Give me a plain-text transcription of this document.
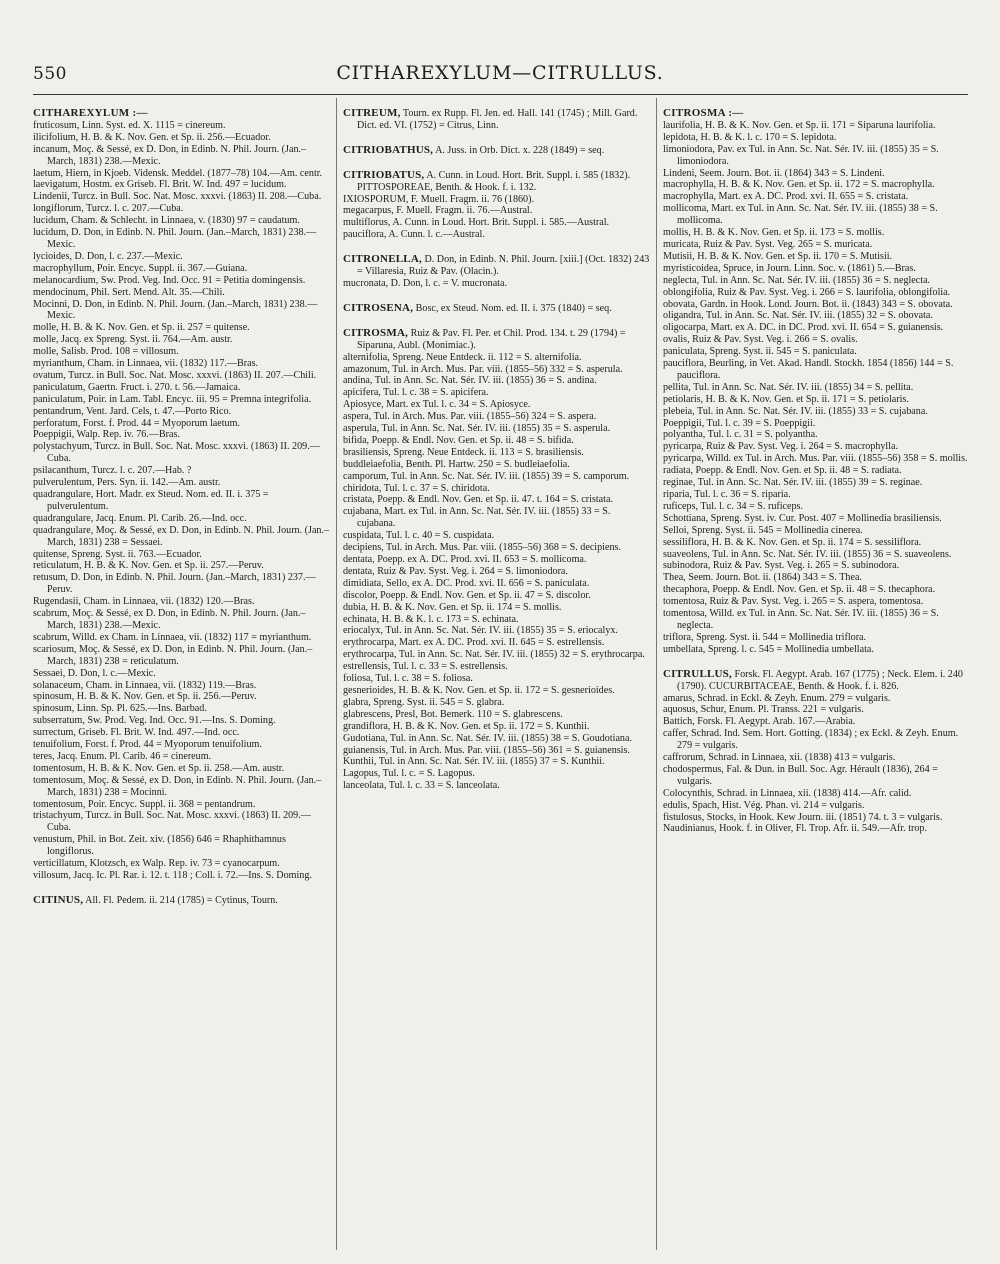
550	CITHAREXYLUM—CITRULLUS.

CITHAREXYLUM :—

fruticosum, Linn. Syst. ed. X. 1115 = cinereum.

ilicifolium, H. B. & K. Nov. Gen. et Sp. ii. 256.—Ecuador.

incanum, Moç. & Sessé, ex D. Don, in Edinb. N. Phil. Journ. (Jan.–March, 1831) 238.—Mexic.

laetum, Hiern, in Kjoeb. Vidensk. Meddel. (1877–78) 104.—Am. centr.

laevigatum, Hostm. ex Griseb. Fl. Brit. W. Ind. 497 = lucidum.

Lindenii, Turcz. in Bull. Soc. Nat. Mosc. xxxvi. (1863) II. 208.—Cuba.

longiflorum, Turcz. l. c. 207.—Cuba.

lucidum, Cham. & Schlecht. in Linnaea, v. (1830) 97 = caudatum.

lucidum, D. Don, in Edinb. N. Phil. Journ. (Jan.–March, 1831) 238.—Mexic.

lycioides, D. Don, l. c. 237.—Mexic.

macrophyllum, Poir. Encyc. Suppl. ii. 367.—Guiana.

melanocardium, Sw. Prod. Veg. Ind. Occ. 91 = Petitia domingensis.

mendocinum, Phil. Sert. Mend. Alt. 35.—Chili.

Mocinni, D. Don, in Edinb. N. Phil. Journ. (Jan.–March, 1831) 238.—Mexic.

molle, H. B. & K. Nov. Gen. et Sp. ii. 257 = quitense.

molle, Jacq. ex Spreng. Syst. ii. 764.—Am. austr.

molle, Salisb. Prod. 108 = villosum.

myrianthum, Cham. in Linnaea, vii. (1832) 117.—Bras.

ovatum, Turcz. in Bull. Soc. Nat. Mosc. xxxvi. (1863) II. 207.—Chili.

paniculatum, Gaertn. Fruct. i. 270. t. 56.—Jamaica.

paniculatum, Poir. in Lam. Tabl. Encyc. iii. 95 = Premna integrifolia.

pentandrum, Vent. Jard. Cels, t. 47.—Porto Rico.

perforatum, Forst. f. Prod. 44 = Myoporum laetum.

Poeppigii, Walp. Rep. iv. 76.—Bras.

polystachyum, Turcz. in Bull. Soc. Nat. Mosc. xxxvi. (1863) II. 209.—Cuba.

psilacanthum, Turcz. l. c. 207.—Hab. ?

pulverulentum, Pers. Syn. ii. 142.—Am. austr.

quadrangulare, Hort. Madr. ex Steud. Nom. ed. II. i. 375 = pulverulentum.

quadrangulare, Jacq. Enum. Pl. Carib. 26.—Ind. occ.

quadrangulare, Moç. & Sessé, ex D. Don, in Edinb. N. Phil. Journ. (Jan.–March, 1831) 238 = Sessaei.

quitense, Spreng. Syst. ii. 763.—Ecuador.

reticulatum, H. B. & K. Nov. Gen. et Sp. ii. 257.—Peruv.

retusum, D. Don, in Edinb. N. Phil. Journ. (Jan.–March, 1831) 237.—Peruv.

Rugendasii, Cham. in Linnaea, vii. (1832) 120.—Bras.

scabrum, Moç. & Sessé, ex D. Don, in Edinb. N. Phil. Journ. (Jan.–March, 1831) 238.—Mexic.

scabrum, Willd. ex Cham. in Linnaea, vii. (1832) 117 = myrianthum.

scariosum, Moç. & Sessé, ex D. Don, in Edinb. N. Phil. Journ. (Jan.–March, 1831) 238 = reticulatum.

Sessaei, D. Don, l. c.—Mexic.

solanaceum, Cham. in Linnaea, vii. (1832) 119.—Bras.

spinosum, H. B. & K. Nov. Gen. et Sp. ii. 256.—Peruv.

spinosum, Linn. Sp. Pl. 625.—Ins. Barbad.

subserratum, Sw. Prod. Veg. Ind. Occ. 91.—Ins. S. Doming.

surrectum, Griseb. Fl. Brit. W. Ind. 497.—Ind. occ.

tenuifolium, Forst. f. Prod. 44 = Myoporum tenuifolium.

teres, Jacq. Enum. Pl. Carib. 46 = cinereum.

tomentosum, H. B. & K. Nov. Gen. et Sp. ii. 258.—Am. austr.

tomentosum, Moç. & Sessé, ex D. Don, in Edinb. N. Phil. Journ. (Jan.–March, 1831) 238 = Mocinni.

tomentosum, Poir. Encyc. Suppl. ii. 368 = pentandrum.

tristachyum, Turcz. in Bull. Soc. Nat. Mosc. xxxvi. (1863) II. 209.—Cuba.

venustum, Phil. in Bot. Zeit. xiv. (1856) 646 = Rhaphithamnus longiflorus.

verticillatum, Klotzsch, ex Walp. Rep. iv. 73 = cyanocarpum.

villosum, Jacq. Ic. Pl. Rar. i. 12. t. 118 ; Coll. i. 72.—Ins. S. Doming.

CITINUS, All. Fl. Pedem. ii. 214 (1785) = Cytinus, Tourn.

CITREUM, Tourn. ex Rupp. Fl. Jen. ed. Hall. 141 (1745) ; Mill. Gard. Dict. ed. VI. (1752) = Citrus, Linn.

CITRIOBATHUS, A. Juss. in Orb. Dict. x. 228 (1849) = seq.

CITRIOBATUS, A. Cunn. in Loud. Hort. Brit. Suppl. i. 585 (1832). PITTOSPOREAE, Benth. & Hook. f. i. 132.

IXIOSPORUM, F. Muell. Fragm. ii. 76 (1860).

megacarpus, F. Muell. Fragm. ii. 76.—Austral.

multiflorus, A. Cunn. in Loud. Hort. Brit. Suppl. i. 585.—Austral.

pauciflora, A. Cunn. l. c.—Austral.

CITRONELLA, D. Don, in Edinb. N. Phil. Journ. [xiii.] (Oct. 1832) 243 = Villaresia, Ruiz & Pav. (Olacin.).

mucronata, D. Don, l. c. = V. mucronata.

CITROSENA, Bosc, ex Steud. Nom. ed. II. i. 375 (1840) = seq.

CITROSMA, Ruiz & Pav. Fl. Per. et Chil. Prod. 134. t. 29 (1794) = Siparuna, Aubl. (Monimiac.).

alternifolia, Spreng. Neue Entdeck. ii. 112 = S. alternifolia.

amazonum, Tul. in Arch. Mus. Par. viii. (1855–56) 332 = S. asperula.

andina, Tul. in Ann. Sc. Nat. Sér. IV. iii. (1855) 36 = S. andina.

apicifera, Tul. l. c. 38 = S. apicifera.

Apiosyce, Mart. ex Tul. l. c. 34 = S. Apiosyce.

aspera, Tul. in Arch. Mus. Par. viii. (1855–56) 324 = S. aspera.

asperula, Tul. in Ann. Sc. Nat. Sér. IV. iii. (1855) 35 = S. asperula.

bifida, Poepp. & Endl. Nov. Gen. et Sp. ii. 48 = S. bifida.

brasiliensis, Spreng. Neue Entdeck. ii. 113 = S. brasiliensis.

buddleiaefolia, Benth. Pl. Hartw. 250 = S. budleiaefolia.

camporum, Tul. in Ann. Sc. Nat. Sér. IV. iii. (1855) 39 = S. camporum.

chiridota, Tul. l. c. 37 = S. chiridota.

cristata, Poepp. & Endl. Nov. Gen. et Sp. ii. 47. t. 164 = S. cristata.

cujabana, Mart. ex Tul. in Ann. Sc. Nat. Sér. IV. iii. (1855) 33 = S. cujabana.

cuspidata, Tul. l. c. 40 = S. cuspidata.

decipiens, Tul. in Arch. Mus. Par. viii. (1855–56) 368 = S. decipiens.

dentata, Poepp. ex A. DC. Prod. xvi. II. 653 = S. mollicoma.

dentata, Ruiz & Pav. Syst. Veg. i. 264 = S. limoniodora.

dimidiata, Sello, ex A. DC. Prod. xvi. II. 656 = S. paniculata.

discolor, Poepp. & Endl. Nov. Gen. et Sp. ii. 47 = S. discolor.

dubia, H. B. & K. Nov. Gen. et Sp. ii. 174 = S. mollis.

echinata, H. B. & K. l. c. 173 = S. echinata.

eriocalyx, Tul. in Ann. Sc. Nat. Sér. IV. iii. (1855) 35 = S. eriocalyx.

erythrocarpa, Mart. ex A. DC. Prod. xvi. II. 645 = S. estrellensis.

erythrocarpa, Tul. in Ann. Sc. Nat. Sér. IV. iii. (1855) 32 = S. erythrocarpa.

estrellensis, Tul. l. c. 33 = S. estrellensis.

foliosa, Tul. l. c. 38 = S. foliosa.

gesnerioides, H. B. & K. Nov. Gen. et Sp. ii. 172 = S. gesnerioides.

glabra, Spreng. Syst. ii. 545 = S. glabra.

glabrescens, Presl, Bot. Bemerk. 110 = S. glabrescens.

grandiflora, H. B. & K. Nov. Gen. et Sp. ii. 172 = S. Kunthii.

Gudotiana, Tul. in Ann. Sc. Nat. Sér. IV. iii. (1855) 38 = S. Goudotiana.

guianensis, Tul. in Arch. Mus. Par. viii. (1855–56) 361 = S. guianensis.

Kunthii, Tul. in Ann. Sc. Nat. Sér. IV. iii. (1855) 37 = S. Kunthii.

Lagopus, Tul. l. c. = S. Lagopus.

lanceolata, Tul. l. c. 33 = S. lanceolata.

CITROSMA :—

laurifolia, H. B. & K. Nov. Gen. et Sp. ii. 171 = Siparuna laurifolia.

lepidota, H. B. & K. l. c. 170 = S. lepidota.

limoniodora, Pav. ex Tul. in Ann. Sc. Nat. Sér. IV. iii. (1855) 35 = S. limoniodora.

Lindeni, Seem. Journ. Bot. ii. (1864) 343 = S. Lindeni.

macrophylla, H. B. & K. Nov. Gen. et Sp. ii. 172 = S. macrophylla.

macrophylla, Mart. ex A. DC. Prod. xvi. II. 655 = S. cristata.

mollicoma, Mart. ex Tul. in Ann. Sc. Nat. Sér. IV. iii. (1855) 38 = S. mollicoma.

mollis, H. B. & K. Nov. Gen. et Sp. ii. 173 = S. mollis.

muricata, Ruiz & Pav. Syst. Veg. 265 = S. muricata.

Mutisii, H. B. & K. Nov. Gen. et Sp. ii. 170 = S. Mutisii.

myristicoidea, Spruce, in Journ. Linn. Soc. v. (1861) 5.—Bras.

neglecta, Tul. in Ann. Sc. Nat. Sér. IV. iii. (1855) 36 = S. neglecta.

oblongifolia, Ruiz & Pav. Syst. Veg. i. 266 = S. laurifolia, oblongifolia.

obovata, Gardn. in Hook. Lond. Journ. Bot. ii. (1843) 343 = S. obovata.

oligandra, Tul. in Ann. Sc. Nat. Sér. IV. iii. (1855) 32 = S. obovata.

oligocarpa, Mart. ex A. DC. in DC. Prod. xvi. II. 654 = S. guianensis.

ovalis, Ruiz & Pav. Syst. Veg. i. 266 = S. ovalis.

paniculata, Spreng. Syst. ii. 545 = S. paniculata.

pauciflora, Beurling, in Vet. Akad. Handl. Stockh. 1854 (1856) 144 = S. pauciflora.

pellita, Tul. in Ann. Sc. Nat. Sér. IV. iii. (1855) 34 = S. pellita.

petiolaris, H. B. & K. Nov. Gen. et Sp. ii. 171 = S. petiolaris.

plebeia, Tul. in Ann. Sc. Nat. Sér. IV. iii. (1855) 33 = S. cujabana.

Poeppigii, Tul. l. c. 39 = S. Poeppigii.

polyantha, Tul. l. c. 31 = S. polyantha.

pyricarpa, Ruiz & Pav. Syst. Veg. i. 264 = S. macrophylla.

pyricarpa, Willd. ex Tul. in Arch. Mus. Par. viii. (1855–56) 358 = S. mollis.

radiata, Poepp. & Endl. Nov. Gen. et Sp. ii. 48 = S. radiata.

reginae, Tul. in Ann. Sc. Nat. Sér. IV. iii. (1855) 39 = S. reginae.

riparia, Tul. l. c. 36 = S. riparia.

ruficeps, Tul. l. c. 34 = S. ruficeps.

Schottiana, Spreng. Syst. iv. Cur. Post. 407 = Mollinedia brasiliensis.

Selloi, Spreng. Syst. ii. 545 = Mollinedia cinerea.

sessiliflora, H. B. & K. Nov. Gen. et Sp. ii. 174 = S. sessiliflora.

suaveolens, Tul. in Ann. Sc. Nat. Sér. IV. iii. (1855) 36 = S. suaveolens.

subinodora, Ruiz & Pav. Syst. Veg. i. 265 = S. subinodora.

Thea, Seem. Journ. Bot. ii. (1864) 343 = S. Thea.

thecaphora, Poepp. & Endl. Nov. Gen. et Sp. ii. 48 = S. thecaphora.

tomentosa, Ruiz & Pav. Syst. Veg. i. 265 = S. aspera, tomentosa.

tomentosa, Willd. ex Tul. in Ann. Sc. Nat. Sér. IV. iii. (1855) 36 = S. neglecta.

triflora, Spreng. Syst. ii. 544 = Mollinedia triflora.

umbellata, Spreng. l. c. 545 = Mollinedia umbellata.

CITRULLUS, Forsk. Fl. Aegypt. Arab. 167 (1775) ; Neck. Elem. i. 240 (1790). CUCURBITACEAE, Benth. & Hook. f. i. 826.

amarus, Schrad. in Eckl. & Zeyh. Enum. 279 = vulgaris.

aquosus, Schur, Enum. Pl. Transs. 221 = vulgaris.

Battich, Forsk. Fl. Aegypt. Arab. 167.—Arabia.

caffer, Schrad. Ind. Sem. Hort. Gotting. (1834) ; ex Eckl. & Zeyh. Enum. 279 = vulgaris.

caffrorum, Schrad. in Linnaea, xii. (1838) 413 = vulgaris.

chodospermus, Fal. & Dun. in Bull. Soc. Agr. Hérault (1836), 264 = vulgaris.

Colocynthis, Schrad. in Linnaea, xii. (1838) 414.—Afr. calid.

edulis, Spach, Hist. Vég. Phan. vi. 214 = vulgaris.

fistulosus, Stocks, in Hook. Kew Journ. iii. (1851) 74. t. 3 = vulgaris.

Naudinianus, Hook. f. in Oliver, Fl. Trop. Afr. ii. 549.—Afr. trop.
